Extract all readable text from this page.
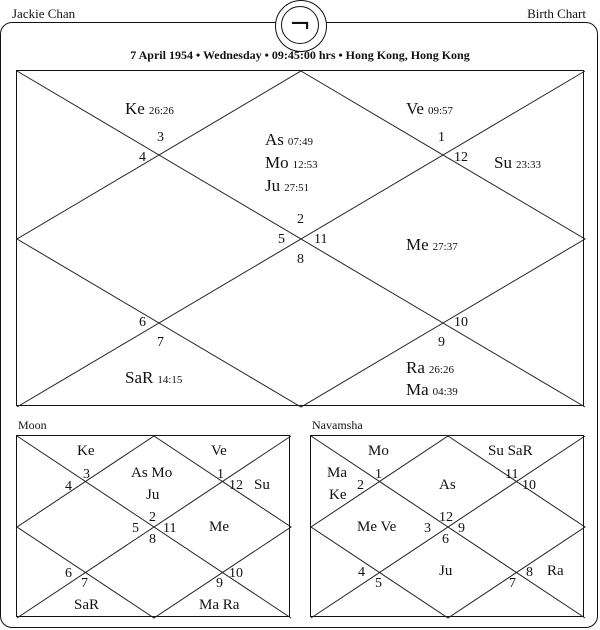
Jackie Chan	Birth Chart
¬
7 April 1954 • Wednesday • 09:45:00 hrs • Hong Kong, Hong Kong
Ke 26:26	Ve 09:57
As 07:49
Mo 12:53
Ju 27:51
Su 23:33
Me 27:37
SaR 14:15
Ra 26:26
Ma 04:39
3
4
1
12
2
5 11
8
6
7
10
9
Moon
Ke	Ve
As Mo
Ju
Su
Me
SaR	Ma Ra
3
4
1
12
2
5 11
8
6
7
10
9
Navamsha
Mo	Su SaR
Ma
Ke
As
Me Ve
Ju	Ra
1
2
11
10
12
3 9
6
4
5	7
8
